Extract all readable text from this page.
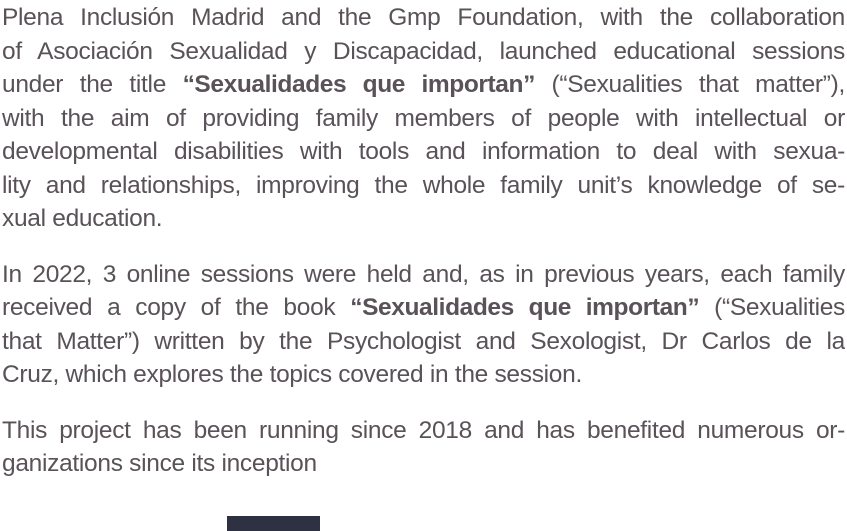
Plena Inclusión Madrid and the Gmp Foundation, with the collaboration
of Asociación Sexualidad y Discapacidad, launched educational sessions
under the title “Sexualidades que importan” (“Sexualities that matter”),
with the aim of providing family members of people with intellectual or
developmental disabilities with tools and information to deal with sexua-
lity and relationships, improving the whole family unit’s knowledge of se-
xual education.
In 2022, 3 online sessions were held and, as in previous years, each family
received a copy of the book “Sexualidades que importan” (“Sexualities
that Matter”) written by the Psychologist and Sexologist, Dr Carlos de la
Cruz, which explores the topics covered in the session.
This project has been running since 2018 and has benefited numerous or-
ganizations since its inception
